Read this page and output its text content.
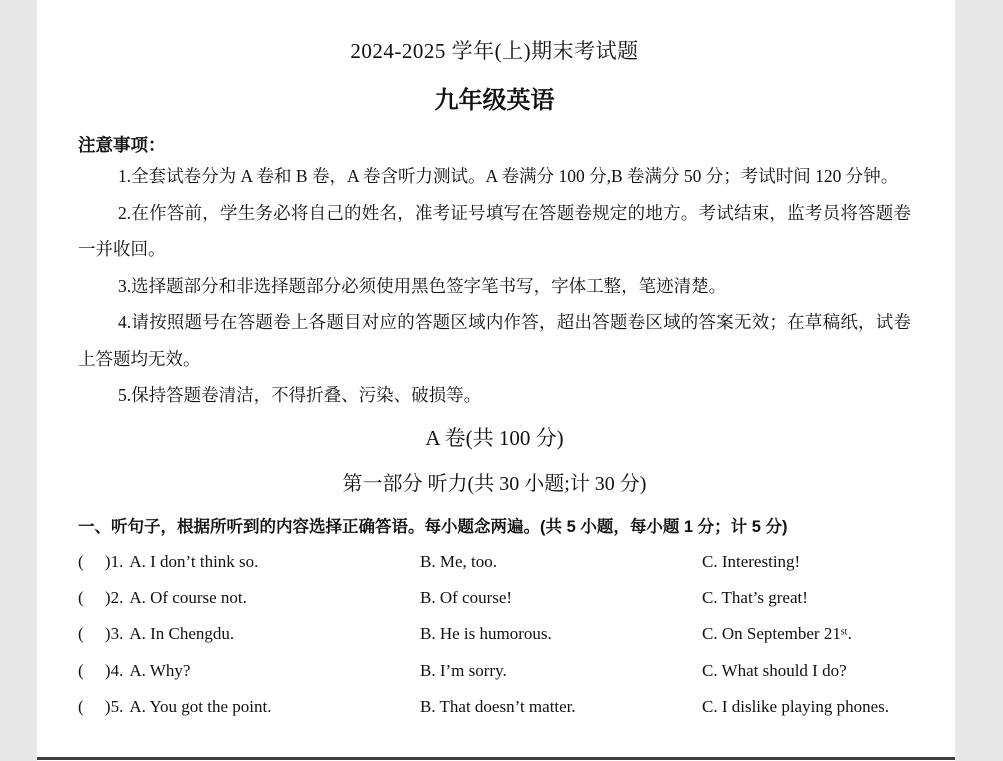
2024-2025 学年(上)期末考试题
九年级英语
注意事项：

1.全套试卷分为 A 卷和 B 卷，A 卷含听力测试。A 卷满分 100 分,B 卷满分 50 分；考试时间 120 分钟。

2.在作答前，学生务必将自己的姓名，准考证号填写在答题卷规定的地方。考试结束，监考员将答题卷一并收回。

3.选择题部分和非选择题部分必须使用黑色签字笔书写，字体工整，笔迹清楚。

4.请按照题号在答题卷上各题目对应的答题区域内作答，超出答题卷区域的答案无效；在草稿纸，试卷上答题均无效。

5.保持答题卷清洁，不得折叠、污染、破损等。

A 卷(共 100 分)
第一部分 听力(共 30 小题;计 30 分)
一、听句子，根据所听到的内容选择正确答语。每小题念两遍。(共 5 小题，每小题 1 分；计 5 分)
(     )1. A. I don’t think so.	B. Me, too.	C. Interesting!
(     )2. A. Of course not.	B. Of course!	C. That’s great!
(     )3. A. In Chengdu.	B. He is humorous.	C. On September 21ˢᵗ.
(     )4. A. Why?	B. I’m sorry.	C. What should I do?
(     )5. A. You got the point.	B. That doesn’t matter.	C. I dislike playing phones.
